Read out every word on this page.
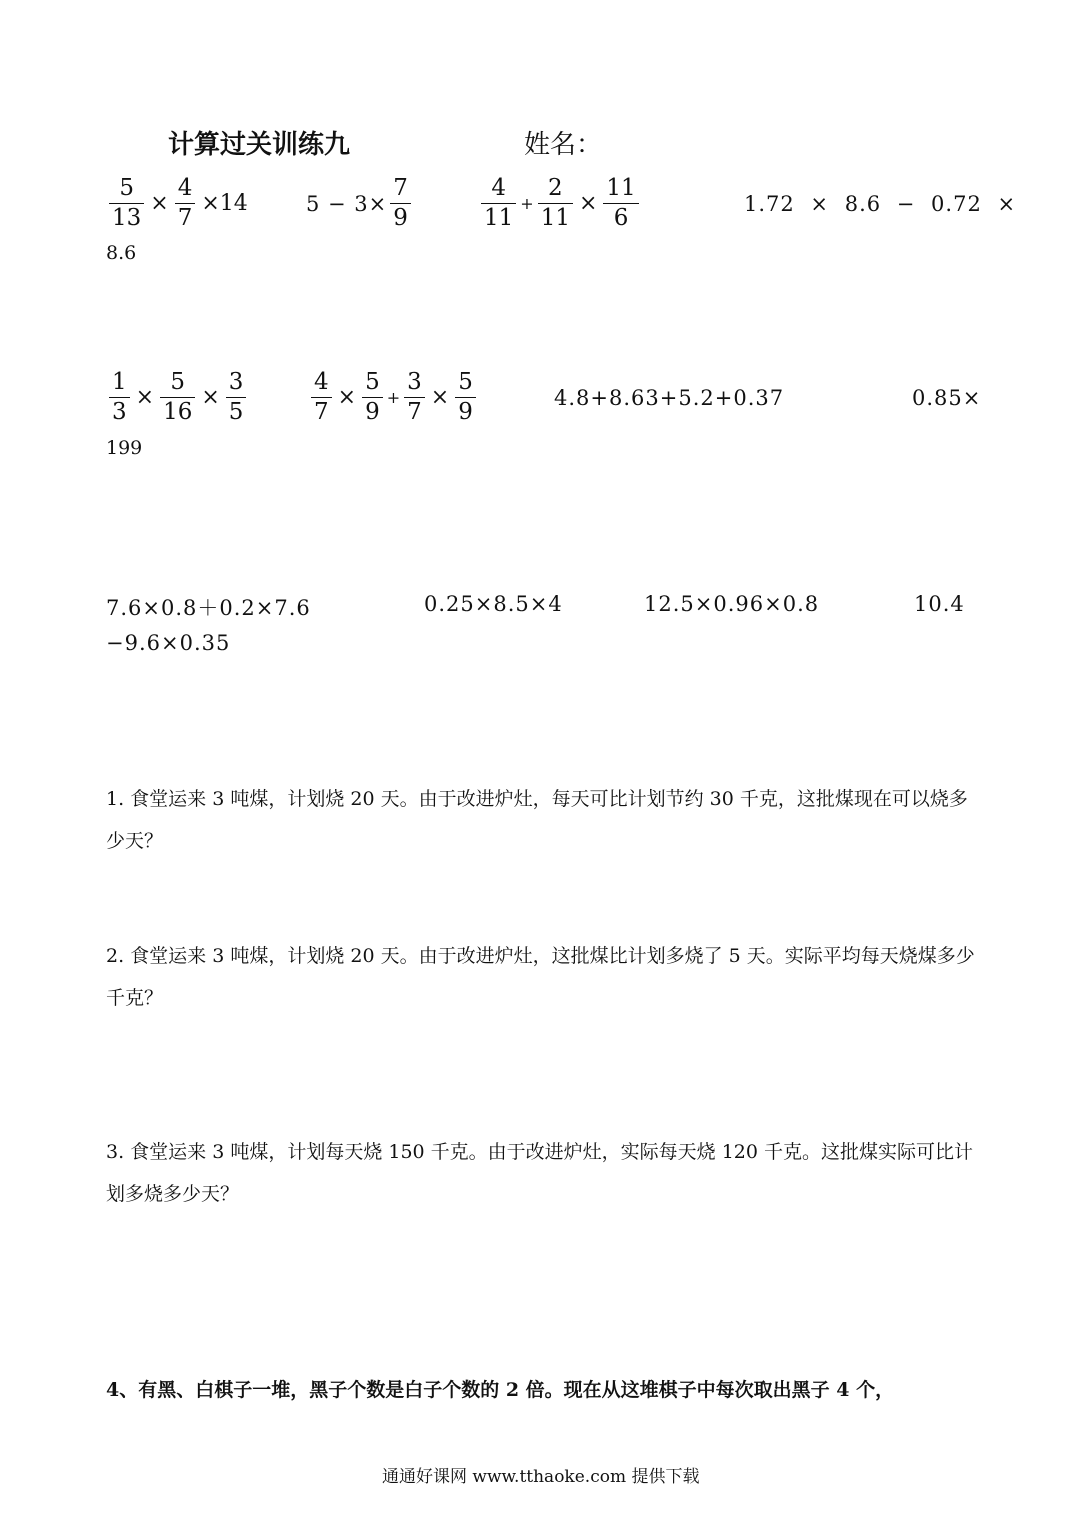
计算过关训练九	姓名：
$\frac{5}{13} \times \frac{4}{7} \times 14$	$5 - 3\times \frac{7}{9}$	$\frac{4}{11} + \frac{2}{11} \times \frac{11}{6}$	1.72 × 8.6 − 0.72 ×
8.6
$\frac{1}{3} \times \frac{5}{16} \times \frac{3}{5}$	$\frac{4}{7} \times \frac{5}{9} + \frac{3}{7} \times \frac{5}{9}$	4.8+8.63+5.2+0.37	0.85×
199
7.6×0.8＋0.2×7.6	0.25×8.5×4	12.5×0.96×0.8	10.4
−9.6×0.35
1. 食堂运来 3 吨煤，计划烧 20 天。由于改进炉灶，每天可比计划节约 30 千克，这批煤现在可以烧多少天？
2. 食堂运来 3 吨煤，计划烧 20 天。由于改进炉灶，这批煤比计划多烧了 5 天。实际平均每天烧煤多少千克？
3. 食堂运来 3 吨煤，计划每天烧 150 千克。由于改进炉灶，实际每天烧 120 千克。这批煤实际可比计划多烧多少天？
4、有黑、白棋子一堆，黑子个数是白子个数的 2 倍。现在从这堆棋子中每次取出黑子 4 个，
通通好课网 www.tthaoke.com 提供下载
